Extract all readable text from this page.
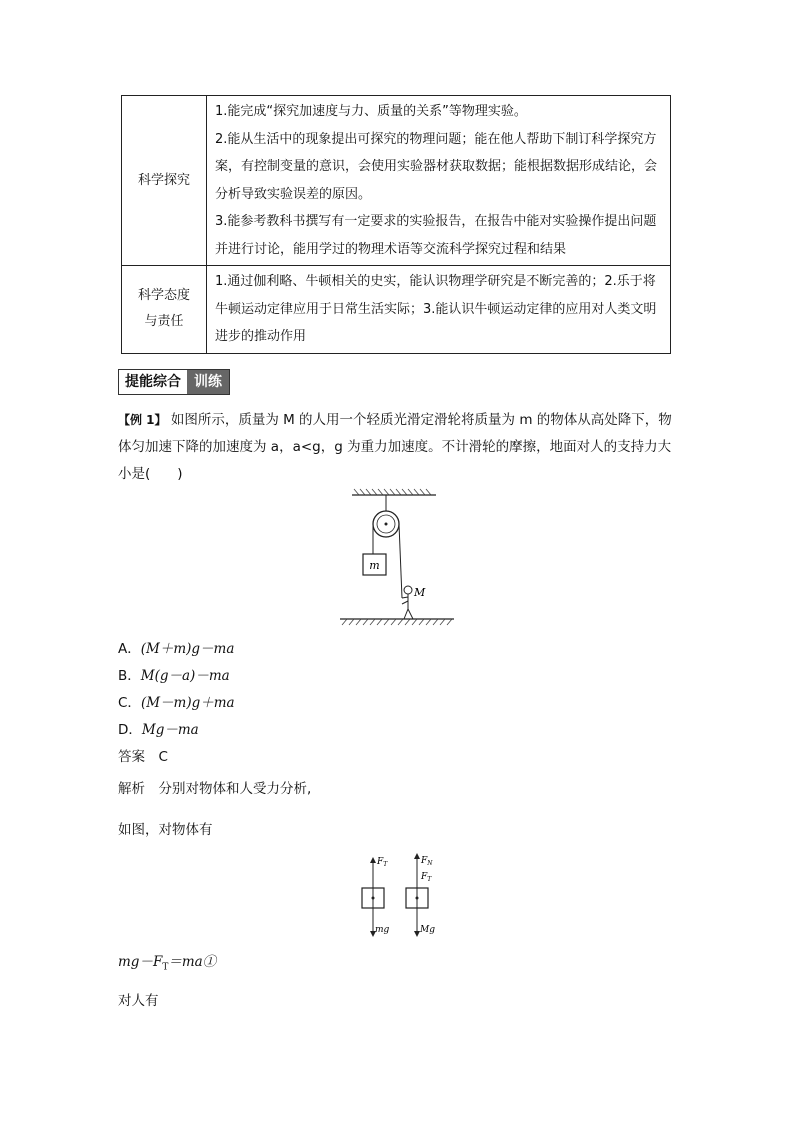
科学探究	1.能完成“探究加速度与力、质量的关系”等物理实验。

2.能从生活中的现象提出可探究的物理问题；能在他人帮助下制订科学探究方案，有控制变量的意识，会使用实验器材获取数据；能根据数据形成结论，会分析导致实验误差的原因。

3.能参考教科书撰写有一定要求的实验报告，在报告中能对实验操作提出问题并进行讨论，能用学过的物理术语等交流科学探究过程和结果

科学态度
与责任	1.通过伽利略、牛顿相关的史实，能认识物理学研究是不断完善的；2.乐于将牛顿运动定律应用于日常生活实际；3.能认识牛顿运动定律的应用对人类文明进步的推动作用

提能综合 训练
【例 1】 如图所示，质量为 M 的人用一个轻质光滑定滑轮将质量为 m 的物体从高处降下，物体匀加速下降的加速度为 a，a<g，g 为重力加速度。不计滑轮的摩擦，地面对人的支持力大小是(　　)
m
M
A．(M＋m)g－ma
B．M(g－a)－ma
C．(M－m)g＋ma
D．Mg－ma
答案  C
解析  分别对物体和人受力分析,
如图，对物体有
$F_T$
mg
$F_N$
$F_T$
Mg
$mg-F_T=ma①$
对人有
